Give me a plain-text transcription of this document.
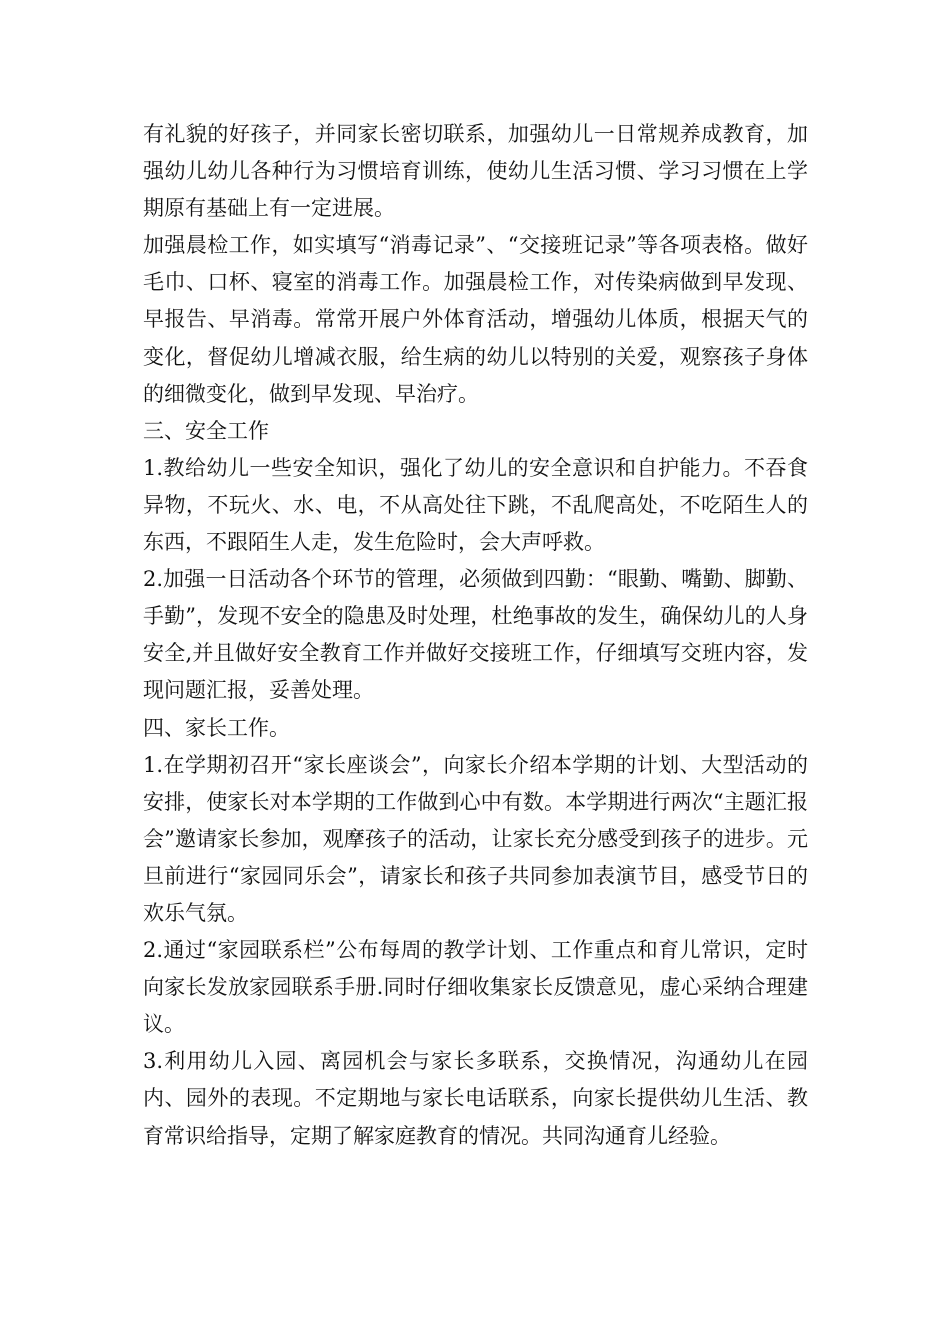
有礼貌的好孩子，并同家长密切联系，加强幼儿一日常规养成教育，加强幼儿幼儿各种行为习惯培育训练，使幼儿生活习惯、学习习惯在上学期原有基础上有一定进展。

加强晨检工作，如实填写“消毒记录”、“交接班记录”等各项表格。做好毛巾、口杯、寝室的消毒工作。加强晨检工作，对传染病做到早发现、早报告、早消毒。常常开展户外体育活动，增强幼儿体质，根据天气的变化，督促幼儿增减衣服，给生病的幼儿以特别的关爱，观察孩子身体的细微变化，做到早发现、早治疗。

三、安全工作

1.教给幼儿一些安全知识，强化了幼儿的安全意识和自护能力。不吞食异物，不玩火、水、电，不从高处往下跳，不乱爬高处，不吃陌生人的东西，不跟陌生人走，发生危险时，会大声呼救。

2.加强一日活动各个环节的管理，必须做到四勤：“眼勤、嘴勤、脚勤、手勤”，发现不安全的隐患及时处理，杜绝事故的发生，确保幼儿的人身安全,并且做好安全教育工作并做好交接班工作，仔细填写交班内容，发现问题汇报，妥善处理。

四、家长工作。

1.在学期初召开“家长座谈会”，向家长介绍本学期的计划、大型活动的安排，使家长对本学期的工作做到心中有数。本学期进行两次“主题汇报会”邀请家长参加，观摩孩子的活动，让家长充分感受到孩子的进步。元旦前进行“家园同乐会”，请家长和孩子共同参加表演节目，感受节日的欢乐气氛。

2.通过“家园联系栏”公布每周的教学计划、工作重点和育儿常识，定时向家长发放家园联系手册.同时仔细收集家长反馈意见，虚心采纳合理建议。

3.利用幼儿入园、离园机会与家长多联系，交换情况，沟通幼儿在园内、园外的表现。不定期地与家长电话联系，向家长提供幼儿生活、教育常识给指导，定期了解家庭教育的情况。共同沟通育儿经验。
